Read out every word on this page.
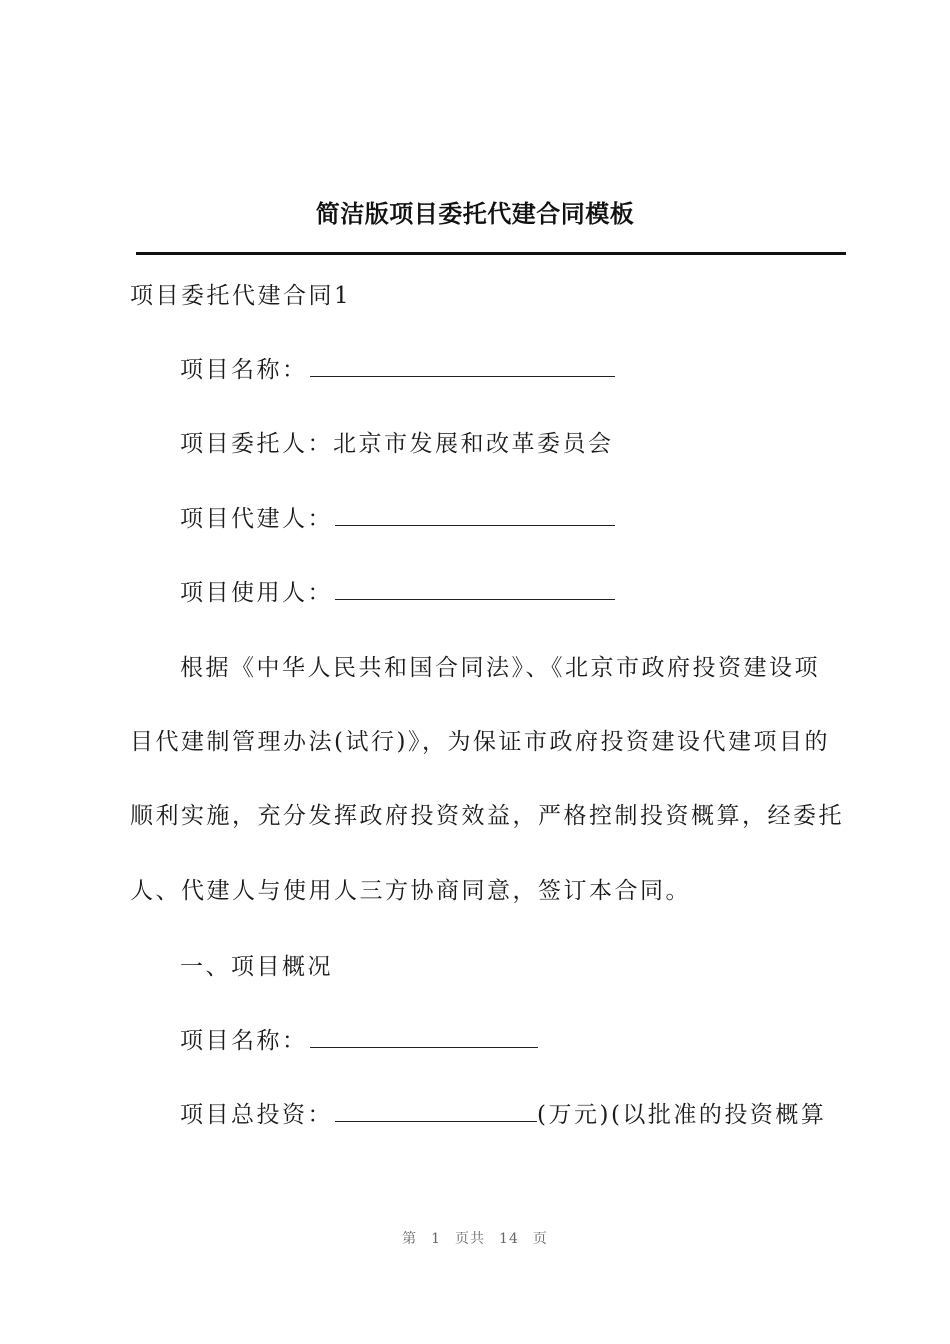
简洁版项目委托代建合同模板
项目委托代建合同1
项目名称：
项目委托人：北京市发展和改革委员会
项目代建人：
项目使用人：
根据《中华人民共和国合同法》、《北京市政府投资建设项
目代建制管理办法(试行)》，为保证市政府投资建设代建项目的
顺利实施，充分发挥政府投资效益，严格控制投资概算，经委托
人、代建人与使用人三方协商同意，签订本合同。
一、项目概况
项目名称：
项目总投资：	(万元)(以批准的投资概算
第 1 页共 14 页
